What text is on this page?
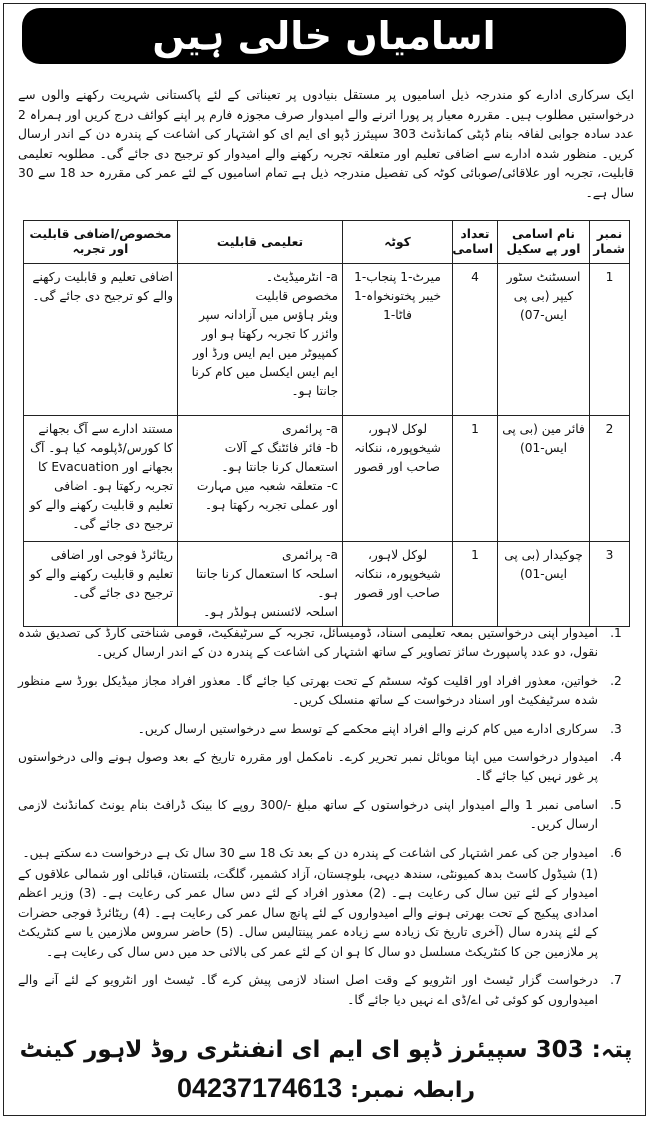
اسامیاں خالی ہیں
ایک سرکاری ادارے کو مندرجہ ذیل اسامیوں پر مستقل بنیادوں پر تعیناتی کے لئے پاکستانی شہریت رکھنے والوں سے درخواستیں مطلوب ہیں۔ مقررہ معیار پر پورا اترنے والے امیدوار صرف مجوزہ فارم پر اپنے کوائف درج کریں اور ہمراہ 2 عدد سادہ جوابی لفافہ بنام ڈپٹی کمانڈنٹ 303 سپیئرز ڈپو ای ایم ای کو اشتہار کی اشاعت کے پندرہ دن کے اندر ارسال کریں۔ منظور شدہ ادارے سے اضافی تعلیم اور متعلقہ تجربہ رکھنے والے امیدوار کو ترجیح دی جائے گی۔ مطلوبہ تعلیمی قابلیت، تجربہ اور علاقائی/صوبائی کوٹہ کی تفصیل مندرجہ ذیل ہے تمام اسامیوں کے لئے عمر کی مقررہ حد 18 سے 30 سال ہے۔
نمبر شمار	نام اسامی اور پے سکیل	تعداد اسامی	کوٹہ	تعلیمی قابلیت	مخصوص/اضافی قابلیت اور تجربہ
1	اسسٹنٹ سٹور کیپر (بی پی ایس-07)	4	میرٹ-1 پنجاب-1 خیبر پختونخواہ-1 فاٹا-1	a- انٹرمیڈیٹ۔
مخصوص قابلیت
ویئر ہاؤس میں آزادانہ سپر وائزر کا تجربہ رکھتا ہو اور کمپیوٹر میں ایم ایس ورڈ اور ایم ایس ایکسل میں کام کرنا جانتا ہو۔	اضافی تعلیم و قابلیت رکھنے والے کو ترجیح دی جائے گی۔
2	فائر مین (بی پی ایس-01)	1	لوکل لاہور، شیخوپورہ، ننکانہ صاحب اور قصور	a- پرائمری
b- فائر فائٹنگ کے آلات استعمال کرنا جانتا ہو۔
c- متعلقہ شعبہ میں مہارت اور عملی تجربہ رکھتا ہو۔	مستند ادارے سے آگ بجھانے کا کورس/ڈپلومہ کیا ہو۔ آگ بجھانے اور Evacuation کا تجربہ رکھتا ہو۔ اضافی تعلیم و قابلیت رکھنے والے کو ترجیح دی جائے گی۔
3	چوکیدار (بی پی ایس-01)	1	لوکل لاہور، شیخوپورہ، ننکانہ صاحب اور قصور	a- پرائمری
اسلحہ کا استعمال کرنا جانتا ہو۔
اسلحہ لائسنس ہولڈر ہو۔	ریٹائرڈ فوجی اور اضافی تعلیم و قابلیت رکھنے والے کو ترجیح دی جائے گی۔
1.
امیدوار اپنی درخواستیں بمعہ تعلیمی اسناد، ڈومیسائل، تجربہ کے سرٹیفکیٹ، قومی شناختی کارڈ کی تصدیق شدہ نقول، دو عدد پاسپورٹ سائز تصاویر کے ساتھ اشتہار کی اشاعت کے پندرہ دن کے اندر ارسال کریں۔
2.
خواتین، معذور افراد اور اقلیت کوٹہ سسٹم کے تحت بھرتی کیا جائے گا۔ معذور افراد مجاز میڈیکل بورڈ سے منظور شدہ سرٹیفکیٹ اور اسناد درخواست کے ساتھ منسلک کریں۔
3.
سرکاری ادارے میں کام کرنے والے افراد اپنے محکمے کے توسط سے درخواستیں ارسال کریں۔
4.
امیدوار درخواست میں اپنا موبائل نمبر تحریر کرے۔ نامکمل اور مقررہ تاریخ کے بعد وصول ہونے والی درخواستوں پر غور نہیں کیا جائے گا۔
5.
اسامی نمبر 1 والے امیدوار اپنی درخواستوں کے ساتھ مبلغ -/300 روپے کا بینک ڈرافٹ بنام یونٹ کمانڈنٹ لازمی ارسال کریں۔
6.
امیدوار جن کی عمر اشتہار کی اشاعت کے پندرہ دن کے بعد تک 18 سے 30 سال تک ہے درخواست دے سکتے ہیں۔
(1) شیڈول کاسٹ بدھ کمیونٹی، سندھ دیہی، بلوچستان، آزاد کشمیر، گلگت، بلتستان، قبائلی اور شمالی علاقوں کے امیدوار کے لئے تین سال کی رعایت ہے۔ (2) معذور افراد کے لئے دس سال عمر کی رعایت ہے۔ (3) وزیر اعظم امدادی پیکیج کے تحت بھرتی ہونے والے امیدواروں کے لئے پانچ سال عمر کی رعایت ہے۔ (4) ریٹائرڈ فوجی حضرات کے لئے پندرہ سال (آخری تاریخ تک زیادہ سے زیادہ عمر پینتالیس سال۔ (5) حاضر سروس ملازمین یا سے کنٹریکٹ پر ملازمین جن کا کنٹریکٹ مسلسل دو سال کا ہو ان کے لئے عمر کی بالائی حد میں دس سال کی رعایت ہے۔
7.
درخواست گزار ٹیسٹ اور انٹرویو کے وقت اصل اسناد لازمی پیش کرے گا۔ ٹیسٹ اور انٹرویو کے لئے آنے والے امیدواروں کو کوئی ٹی اے/ڈی اے نہیں دیا جائے گا۔
پتہ: 303 سپیئرز ڈپو ای ایم ای انفنٹری روڈ لاہور کینٹ
رابطہ نمبر:04237174613
